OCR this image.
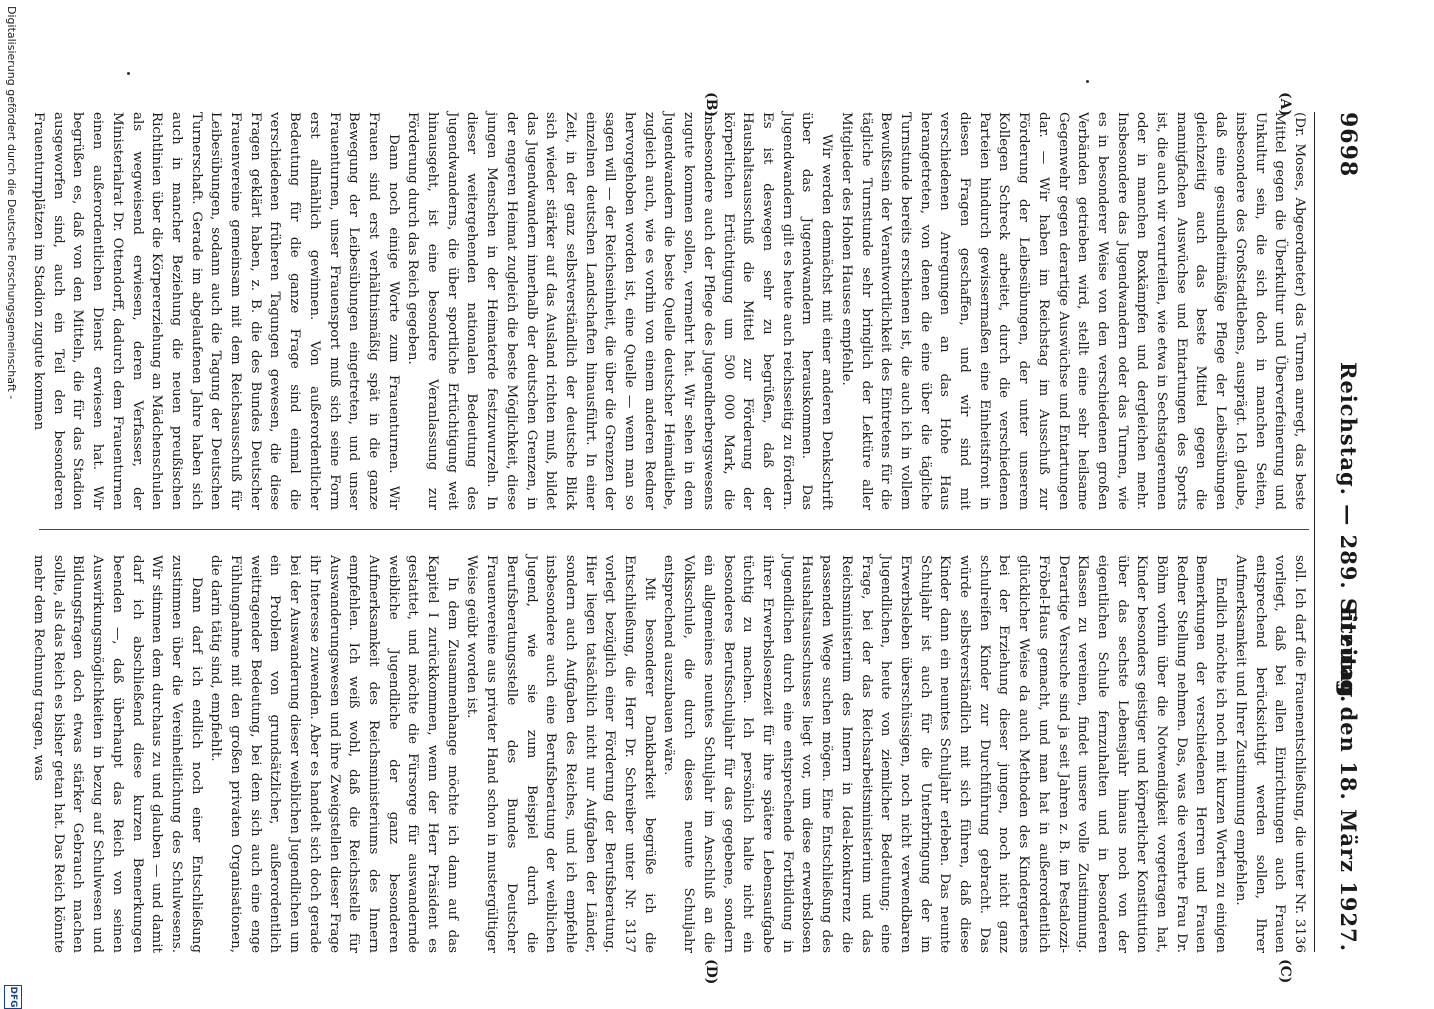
9698
Reichstag. — 289. Sitzung.
Freitag den 18. März 1927.
(A)
(B)
(C)
(D)

(Dr. Moses, Abgeordneter) das Turnen anregt, das beste Mittel gegen die Überkultur und Überverfeinerung und Unkultur sein, die sich doch in manchen Seiten, insbesondere des Großstadtlebens, ausprägt. Ich glaube, daß eine gesundheitmäßige Pflege der Leibesübungen gleichzeitig auch das beste Mittel gegen die mannigfachen Auswüchse und Entartungen des Sports ist, die auch wir verurteilen, wie etwa in Sechstagerennen oder in manchen Boxkämpfen und dergleichen mehr. Insbesondere das Jugendwandern oder das Turnen, wie es in besonderer Weise von den verschiedenen großen Verbänden getrieben wird, stellt eine sehr heilsame Gegenwehr gegen derartige Auswüchse und Entartungen dar. — Wir haben im Reichstag im Ausschuß zur Förderung der Leibesübungen, der unter unserem Kollegen Schreck arbeitet, durch die verschiedenen Parteien hindurch gewissermaßen eine Einheitsfront in diesen Fragen geschaffen, und wir sind mit verschiedenen Anregungen an das Hohe Haus herangetreten, von denen die eine über die tägliche Turnstunde bereits erschienen ist, die auch ich in vollem Bewußtsein der Verantwortlichkeit des Eintretens für die tägliche Turnstunde sehr bringlich der Lektüre aller Mitglieder des Hohen Hauses empfehle.

Wir werden demnächst mit einer anderen Denkschrift über das Jugendwandern herauskommen. Das Jugendwandern gilt es heute auch reichsseitig zu fördern. Es ist deswegen sehr zu begrüßen, daß der Haushaltsausschuß die Mittel zur Förderung der körperlichen Ertüchtigung um 500 000 Mark, die insbesondere auch der Pflege des Jugendherbergswesens zugute kommen sollen, vermehrt hat. Wir sehen in dem Jugendwandern die beste Quelle deutscher Heimatliebe, zugleich auch, wie es vorhin von einem anderen Redner hervorgehoben worden ist, eine Quelle — wenn man so sagen will — der Reichseinheit, die über die Grenzen der einzelnen deutschen Landschaften hinausführt. In einer Zeit, in der ganz selbstverständlich der deutsche Blick sich wieder stärker auf das Ausland richten muß, bildet das Jugendwandern innerhalb der deutschen Grenzen, in der engeren Heimat zugleich die beste Möglichkeit, diese jungen Menschen in der Heimaterde festzuwurzeln. In dieser weitergehenden nationalen Bedeutung des Jugendwanderns, die über sportliche Ertüchtigung weit hinausgeht, ist eine besondere Veranlassung zur Förderung durch das Reich gegeben.

Dann noch einige Worte zum Frauenturnen. Wir Frauen sind erst verhältnismäßig spät in die ganze Bewegung der Leibesübungen eingetreten, und unser Frauenturnen, unser Frauensport muß sich seine Form erst allmählich gewinnen. Von außerordentlicher Bedeutung für die ganze Frage sind einmal die verschiedenen früheren Tagungen gewesen, die diese Fragen geklärt haben, z. B. die des Bundes Deutscher Frauenvereine gemeinsam mit dem Reichsausschuß für Leibesübungen, sodann auch die Tagung der Deutschen Turnerschaft. Gerade im abgelaufenen Jahre haben sich auch in mancher Beziehung die neuen preußischen Richtlinien über die Körpererziehung an Mädchenschulen als wegweisend erwiesen, deren Verfasser, der Ministerialrat Dr. Ottendorff, dadurch dem Frauenturnen einen außerordentlichen Dienst erwiesen hat. Wir begrüßen es, daß von den Mitteln, die für das Stadion ausgeworfen sind, auch ein Teil den besonderen Frauenturnplätzen im Stadion zugute kommen

soll. Ich darf die Frauenentschließung, die unter Nr. 3136 vorliegt, daß bei allen Einrichtungen auch Frauen entsprechend berücksichtigt werden sollen, Ihrer Aufmerksamkeit und Ihrer Zustimmung empfehlen.

Endlich möchte ich noch mit kurzen Worten zu einigen Bemerkungen der verschiedenen Herren und Frauen Redner Stellung nehmen. Das, was die verehrte Frau Dr. Böhm vorhin über die Notwendigkeit vorgetragen hat, Kinder besonders geistiger und körperlicher Konstitution über das sechste Lebensjahr hinaus noch von der eigentlichen Schule fernzuhalten und in besonderen Klassen zu vereinen, findet unsere volle Zustimmung. Derartige Versuche sind ja seit Jahren z. B. im Pestalozzi-Fröbel-Haus gemacht, und man hat in außerordentlich glücklicher Weise da auch Methoden des Kindergartens bei der Erziehung dieser jungen, noch nicht ganz schulreifen Kinder zur Durchführung gebracht. Das würde selbstverständlich mit sich führen, daß diese Kinder dann ein neuntes Schuljahr erleben. Das neunte Schuljahr ist auch für die Unterbringung der im Erwerbsleben überschüssigen, noch nicht verwendbaren Jugendlichen, heute von ziemlicher Bedeutung; eine Frage, bei der das Reichsarbeitsministerium und das Reichsministerium des Innern in Ideal-konkurrenz die passenden Wege suchen mögen. Eine Entschließung des Haushaltsausschusses liegt vor, um diese erwerbslosen Jugendlichen durch eine entsprechende Fortbildung in ihrer Erwerbslosenzeit für ihre spätere Lebensaufgabe tüchtig zu machen. Ich persönlich halte nicht ein besonderes Berufsschuljahr für das gegebene, sondern ein allgemeines neuntes Schuljahr im Anschluß an die Volksschule, die durch dieses neunte Schuljahr entsprechend auszubauen wäre.

Mit besonderer Dankbarkeit begrüße ich die Entschließung, die Herr Dr. Schreiber unter Nr. 3137 vorlegt bezüglich einer Förderung der Berufsberatung. Hier liegen tatsächlich nicht nur Aufgaben der Länder, sondern auch Aufgaben des Reiches, und ich empfehle insbesondere auch eine Berufsberatung der weiblichen Jugend, wie sie zum Beispiel durch die Berufsberatungsstelle des Bundes Deutscher Frauenvereine aus privater Hand schon in mustergültiger Weise geübt worden ist.

In dem Zusammenhange möchte ich dann auf das Kapitel I zurückkommen, wenn der Herr Präsident es gestattet, und möchte die Fürsorge für auswandernde weibliche Jugendliche der ganz besonderen Aufmerksamkeit des Reichsministeriums des Innern empfehlen. Ich weiß wohl, daß die Reichsstelle für Auswanderungswesen und ihre Zweigstellen dieser Frage ihr Interesse zuwenden. Aber es handelt sich doch gerade bei der Auswanderung dieser weiblichen Jugendlichen um ein Problem von grundsätzlicher, außerordentlich weittragender Bedeutung, bei dem sich auch eine enge Fühlungnahme mit den großen privaten Organisationen, die darin tätig sind, empfiehlt.

Dann darf ich endlich noch einer Entschließung zustimmen über die Vereinheitlichung des Schulwesens. Wir stimmen dem durchaus zu und glauben — und damit darf ich abschließend diese kurzen Bemerkungen beenden —, daß überhaupt das Reich von seinen Auswirkungsmöglichkeiten in bezug auf Schulwesen und Bildungsfragen doch etwas stärker Gebrauch machen sollte, als das Reich es bisher getan hat. Das Reich könnte mehr dem Rechnung tragen, was

Digitalisierung gefördert durch die Deutsche Forschungsgemeinschaft -
DFG
